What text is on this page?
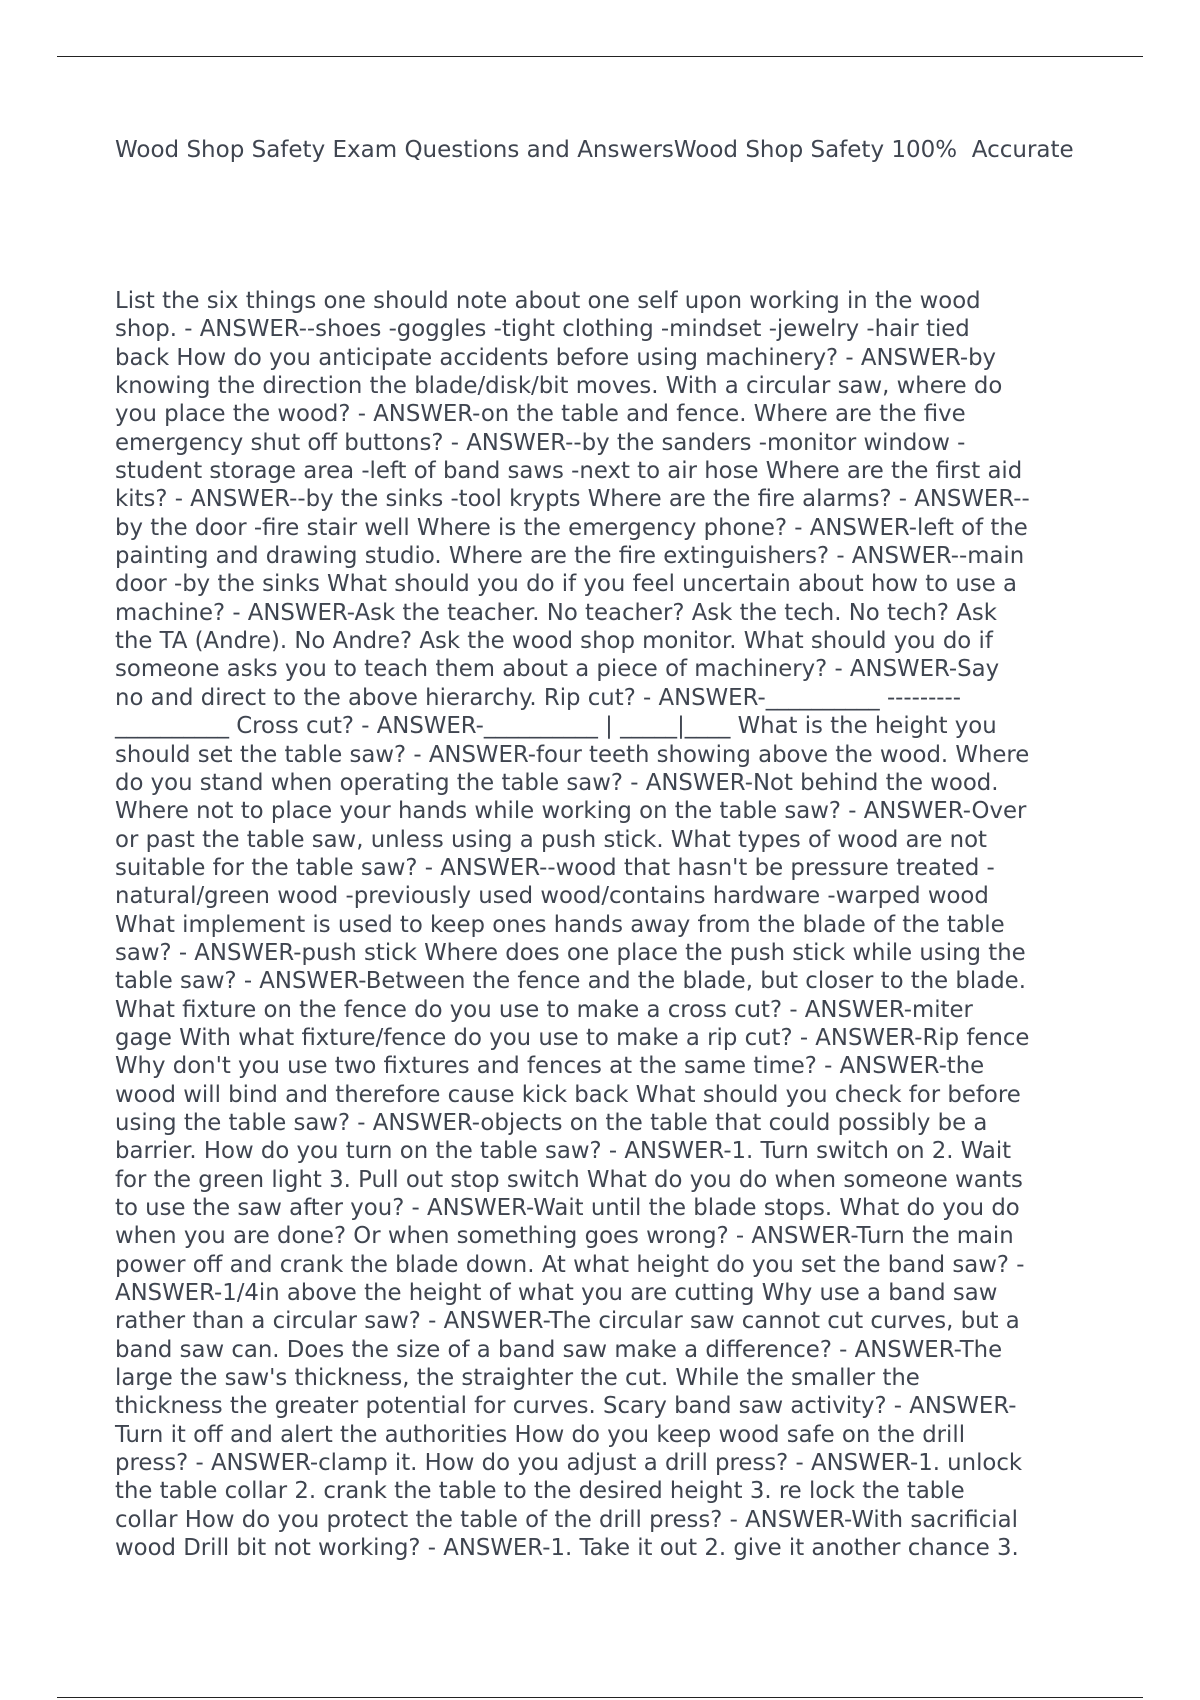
Wood Shop Safety Exam Questions and AnswersWood Shop Safety 100%  Accurate

List the six things one should note about one self upon working in the wood
shop. - ANSWER--shoes -goggles -tight clothing -mindset -jewelry -hair tied
back How do you anticipate accidents before using machinery? - ANSWER-by
knowing the direction the blade/disk/bit moves. With a circular saw, where do
you place the wood? - ANSWER-on the table and fence. Where are the five
emergency shut off buttons? - ANSWER--by the sanders -monitor window -
student storage area -left of band saws -next to air hose Where are the first aid
kits? - ANSWER--by the sinks -tool krypts Where are the fire alarms? - ANSWER--
by the door -fire stair well Where is the emergency phone? - ANSWER-left of the
painting and drawing studio. Where are the fire extinguishers? - ANSWER--main
door -by the sinks What should you do if you feel uncertain about how to use a
machine? - ANSWER-Ask the teacher. No teacher? Ask the tech. No tech? Ask
the TA (Andre). No Andre? Ask the wood shop monitor. What should you do if
someone asks you to teach them about a piece of machinery? - ANSWER-Say
no and direct to the above hierarchy. Rip cut? - ANSWER-__________ ---------
__________ Cross cut? - ANSWER-__________ | _____|____ What is the height you
should set the table saw? - ANSWER-four teeth showing above the wood. Where
do you stand when operating the table saw? - ANSWER-Not behind the wood.
Where not to place your hands while working on the table saw? - ANSWER-Over
or past the table saw, unless using a push stick. What types of wood are not
suitable for the table saw? - ANSWER--wood that hasn't be pressure treated -
natural/green wood -previously used wood/contains hardware -warped wood
What implement is used to keep ones hands away from the blade of the table
saw? - ANSWER-push stick Where does one place the push stick while using the
table saw? - ANSWER-Between the fence and the blade, but closer to the blade.
What fixture on the fence do you use to make a cross cut? - ANSWER-miter
gage With what fixture/fence do you use to make a rip cut? - ANSWER-Rip fence
Why don't you use two fixtures and fences at the same time? - ANSWER-the
wood will bind and therefore cause kick back What should you check for before
using the table saw? - ANSWER-objects on the table that could possibly be a
barrier. How do you turn on the table saw? - ANSWER-1. Turn switch on 2. Wait
for the green light 3. Pull out stop switch What do you do when someone wants
to use the saw after you? - ANSWER-Wait until the blade stops. What do you do
when you are done? Or when something goes wrong? - ANSWER-Turn the main
power off and crank the blade down. At what height do you set the band saw? -
ANSWER-1/4in above the height of what you are cutting Why use a band saw
rather than a circular saw? - ANSWER-The circular saw cannot cut curves, but a
band saw can. Does the size of a band saw make a difference? - ANSWER-The
large the saw's thickness, the straighter the cut. While the smaller the
thickness the greater potential for curves. Scary band saw activity? - ANSWER-
Turn it off and alert the authorities How do you keep wood safe on the drill
press? - ANSWER-clamp it. How do you adjust a drill press? - ANSWER-1. unlock
the table collar 2. crank the table to the desired height 3. re lock the table
collar How do you protect the table of the drill press? - ANSWER-With sacrificial
wood Drill bit not working? - ANSWER-1. Take it out 2. give it another chance 3.
